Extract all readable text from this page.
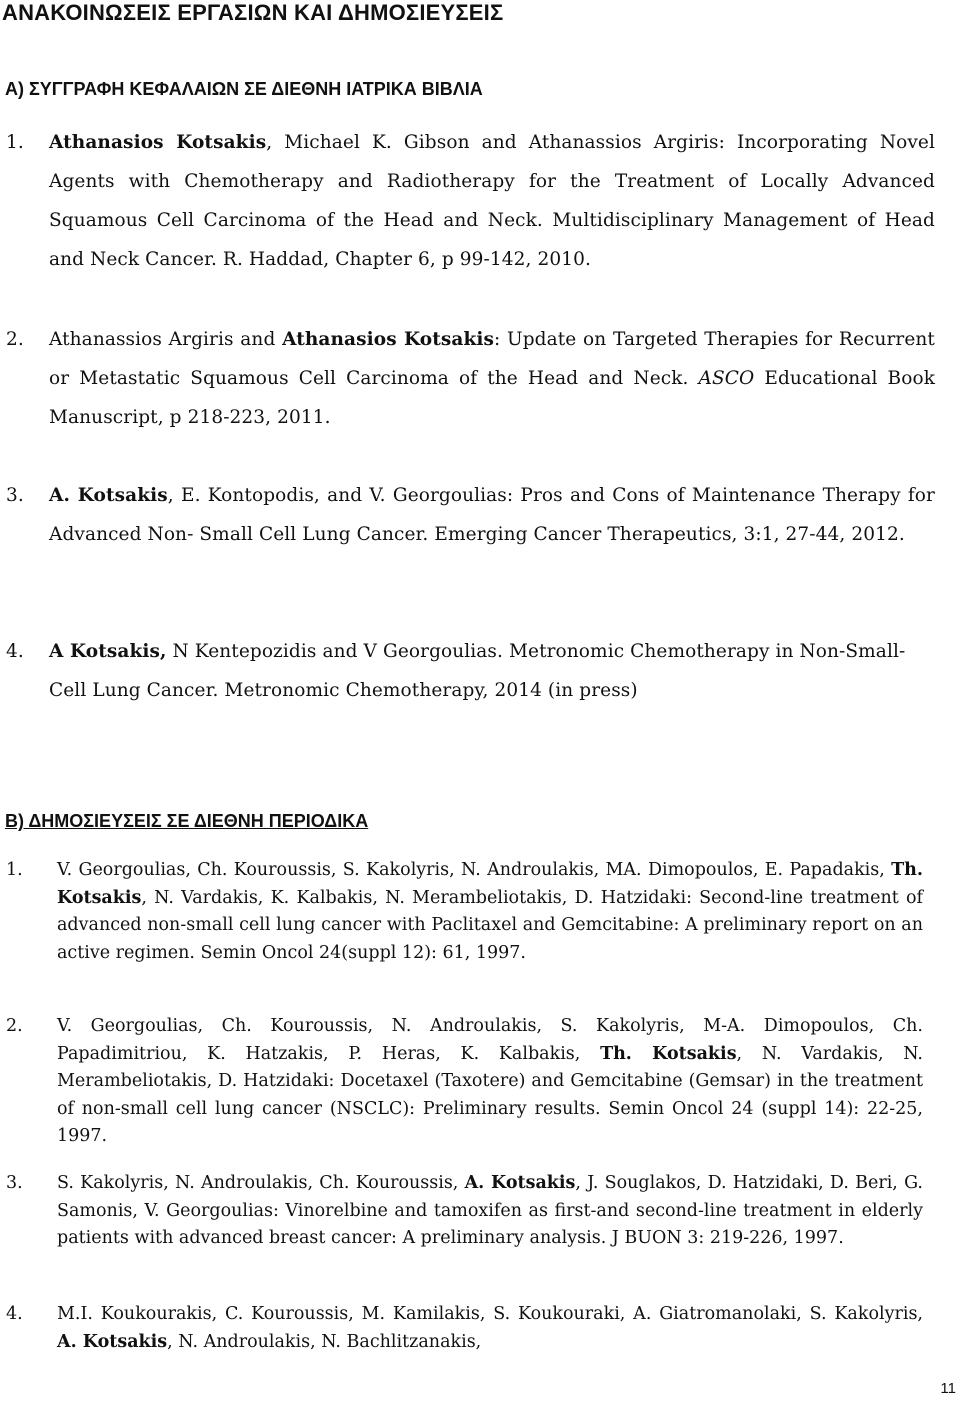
ΑΝΑΚΟΙΝΩΣΕΙΣ ΕΡΓΑΣΙΩΝ ΚΑΙ ΔΗΜΟΣΙΕΥΣΕΙΣ
Α) ΣΥΓΓΡΑΦΗ ΚΕΦΑΛΑΙΩΝ ΣΕ ΔΙΕΘΝΗ ΙΑΤΡΙΚΑ ΒΙΒΛΙΑ
1. Athanasios Kotsakis, Michael K. Gibson and Athanassios Argiris: Incorporating Novel Agents with Chemotherapy and Radiotherapy for the Treatment of Locally Advanced Squamous Cell Carcinoma of the Head and Neck. Multidisciplinary Management of Head and Neck Cancer. R. Haddad, Chapter 6, p 99-142, 2010.
2. Athanassios Argiris and Athanasios Kotsakis: Update on Targeted Therapies for Recurrent or Metastatic Squamous Cell Carcinoma of the Head and Neck. ASCO Educational Book Manuscript, p 218-223, 2011.
3. A. Kotsakis, E. Kontopodis, and V. Georgoulias: Pros and Cons of Maintenance Therapy for Advanced Non- Small Cell Lung Cancer. Emerging Cancer Therapeutics, 3:1, 27-44, 2012.
4. A Kotsakis, N Kentepozidis and V Georgoulias. Metronomic Chemotherapy in Non-Small-Cell Lung Cancer. Metronomic Chemotherapy, 2014 (in press)
Β) ΔΗΜΟΣΙΕΥΣΕΙΣ ΣΕ ΔΙΕΘΝΗ ΠΕΡΙΟΔΙΚΑ
1. V. Georgoulias, Ch. Kouroussis, S. Kakolyris, N. Androulakis, MA. Dimopoulos, E. Papadakis, Th. Kotsakis, N. Vardakis, K. Kalbakis, N. Merambeliotakis, D. Hatzidaki: Second-line treatment of advanced non-small cell lung cancer with Paclitaxel and Gemcitabine: A preliminary report on an active regimen. Semin Oncol 24(suppl 12): 61, 1997.
2. V. Georgoulias, Ch. Kouroussis, N. Androulakis, S. Kakolyris, M-A. Dimopoulos, Ch. Papadimitriou, K. Hatzakis, P. Heras, K. Kalbakis, Th. Kotsakis, N. Vardakis, N. Merambeliotakis, D. Hatzidaki: Docetaxel (Taxotere) and Gemcitabine (Gemsar) in the treatment of non-small cell lung cancer (NSCLC): Preliminary results. Semin Oncol 24 (suppl 14): 22-25, 1997.
3. S. Kakolyris, N. Androulakis, Ch. Kouroussis, A. Kotsakis, J. Souglakos, D. Hatzidaki, D. Beri, G. Samonis, V. Georgoulias: Vinorelbine and tamoxifen as first-and second-line treatment in elderly patients with advanced breast cancer: A preliminary analysis. J BUON 3: 219-226, 1997.
4. M.I. Koukourakis, C. Kouroussis, M. Kamilakis, S. Koukouraki, A. Giatromanolaki, S. Kakolyris, A. Kotsakis, N. Androulakis, N. Bachlitzanakis,
11
